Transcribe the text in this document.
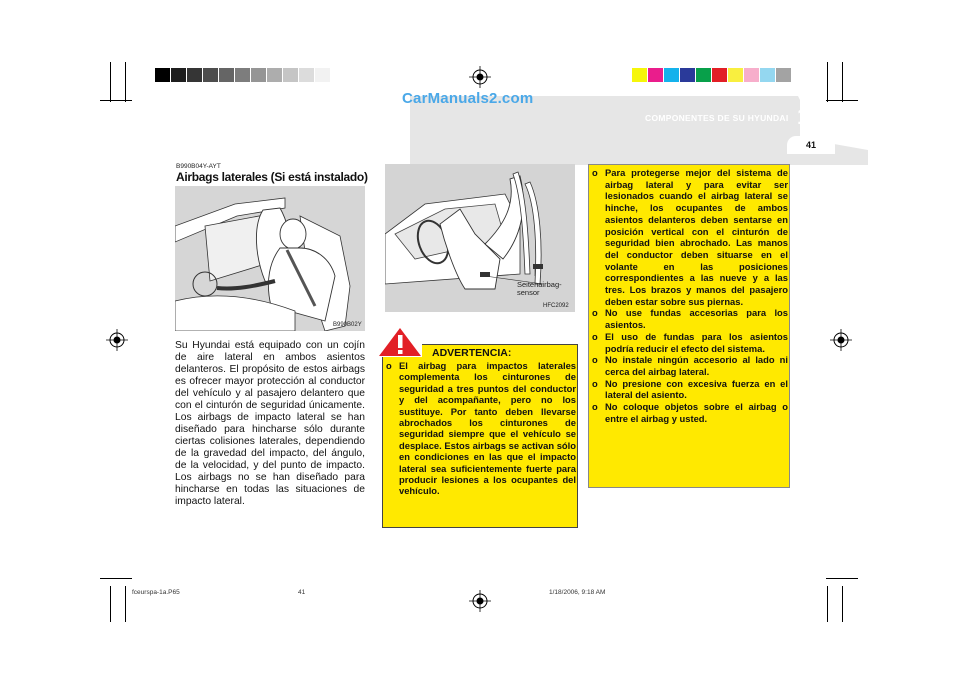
CarManuals2.com
COMPONENTES DE SU HYUNDAI 1
41
B990B04Y-AYT
Airbags laterales (Si está instalado)
B990B02Y
Su Hyundai está equipado con un cojín de aire lateral en ambos asientos delanteros. El propósito de estos airbags es ofrecer mayor protección al conductor del vehículo y al pasajero delantero que con el cinturón de seguridad únicamente. Los airbags de impacto lateral se han diseñado para hincharse sólo durante ciertas colisiones laterales, dependiendo de la gravedad del impacto, del ángulo, de la velocidad, y del punto de impacto. Los airbags no se han diseñado para hincharse en todas las situaciones de impacto lateral.
Seitenairbag-
sensor
HFC2092
ADVERTENCIA:
o El airbag para impactos laterales complementa los cinturones de seguridad a tres puntos del conductor y del acompañante, pero no los sustituye. Por tanto deben llevarse abrochados los cinturones de seguridad siempre que el vehículo se desplace. Estos airbags se activan sólo en condiciones en las que el impacto lateral sea suficientemente fuerte para producir lesiones a los ocupantes del vehículo.
o Para protegerse mejor del sistema de airbag lateral y para evitar ser lesionados cuando el airbag lateral se hinche, los ocupantes de ambos asientos delanteros deben sentarse en posición vertical con el cinturón de seguridad bien abrochado. Las manos del conductor deben situarse en el volante en las posiciones correspondientes a las nueve y a las tres. Los brazos y manos del pasajero deben estar sobre sus piernas.
o No use fundas accesorias para los asientos.
o El uso de fundas para los asientos podría reducir el efecto del sistema.
o No instale ningún accesorio al lado ni cerca del airbag lateral.
o No presione con excesiva fuerza en el lateral del asiento.
o No coloque objetos sobre el airbag o entre el airbag y usted.
fceurspa-1a.P65	41	1/18/2006, 9:18 AM
